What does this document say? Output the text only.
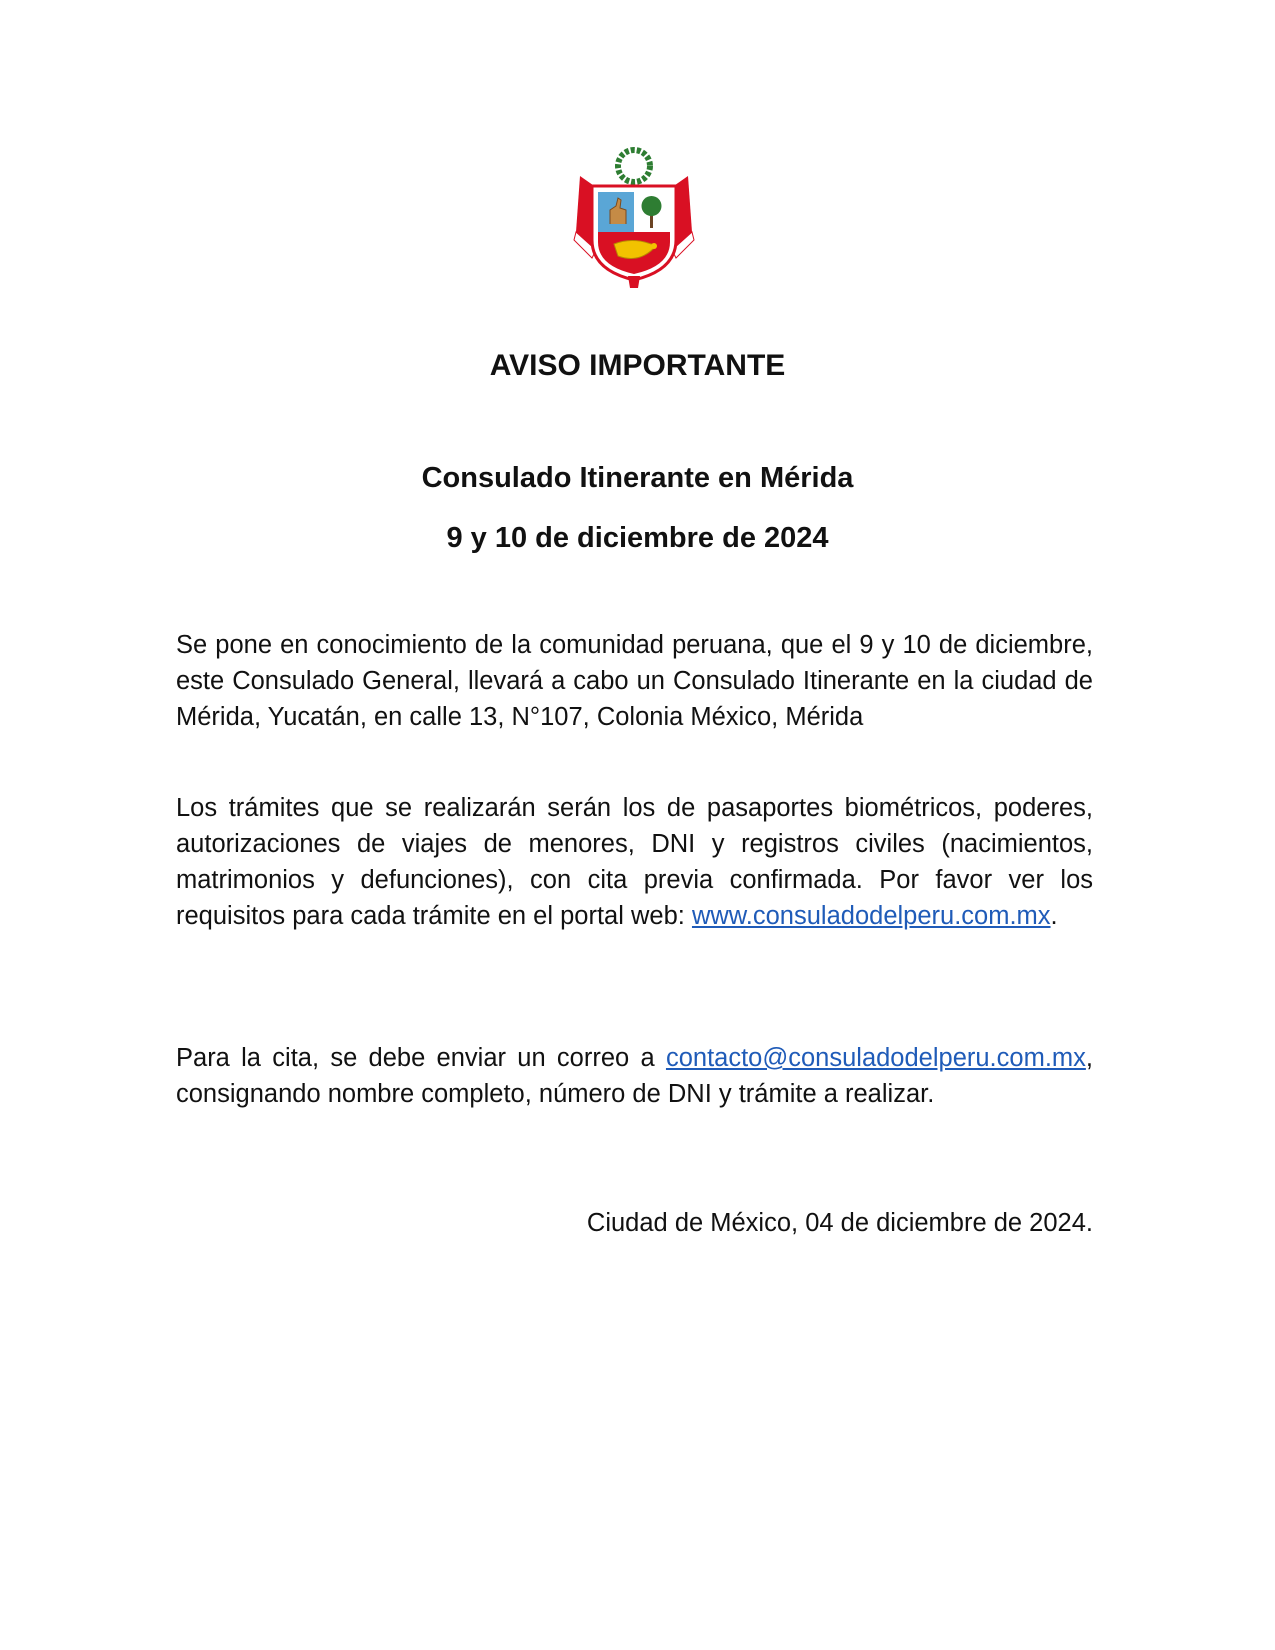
AVISO IMPORTANTE
Consulado Itinerante en Mérida
9 y 10 de diciembre de 2024

Se pone en conocimiento de la comunidad peruana, que el 9 y 10 de diciembre, este Consulado General, llevará a cabo un Consulado Itinerante en la ciudad de Mérida, Yucatán, en calle 13, N°107, Colonia México, Mérida

Los trámites que se realizarán serán los de pasaportes biométricos, poderes, autorizaciones de viajes de menores, DNI y registros civiles (nacimientos, matrimonios y defunciones), con cita previa confirmada. Por favor ver los requisitos para cada trámite en el portal web: www.consuladodelperu.com.mx.

Para la cita, se debe enviar un correo a contacto@consuladodelperu.com.mx, consignando nombre completo, número de DNI y trámite a realizar.

Ciudad de México, 04 de diciembre de 2024.
